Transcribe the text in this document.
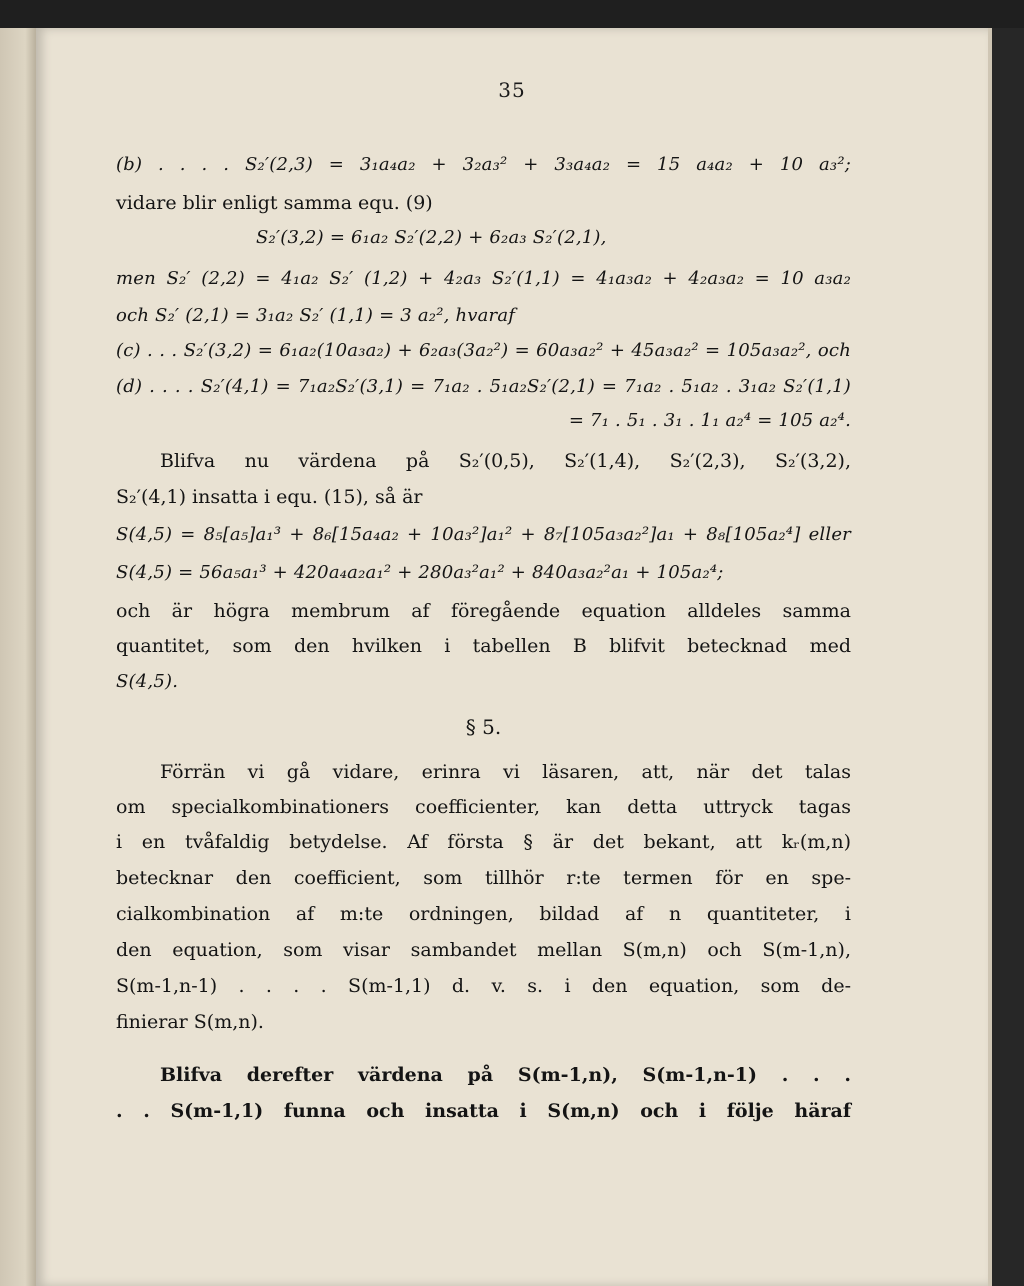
35
(b) . . . . S₂′(2,3) = 3₁a₄a₂ + 3₂a₃² + 3₃a₄a₂ = 15 a₄a₂ + 10 a₃²;
vidare blir enligt samma equ. (9)
S₂′(3,2) = 6₁a₂ S₂′(2,2) + 6₂a₃ S₂′(2,1),
men S₂′ (2,2) = 4₁a₂ S₂′ (1,2) + 4₂a₃ S₂′(1,1) = 4₁a₃a₂ + 4₂a₃a₂ = 10 a₃a₂
och S₂′ (2,1) = 3₁a₂ S₂′ (1,1) = 3 a₂², hvaraf
(c) . . . S₂′(3,2) = 6₁a₂(10a₃a₂) + 6₂a₃(3a₂²) = 60a₃a₂² + 45a₃a₂² = 105a₃a₂², och
(d) . . . . S₂′(4,1) = 7₁a₂S₂′(3,1) = 7₁a₂ . 5₁a₂S₂′(2,1) = 7₁a₂ . 5₁a₂ . 3₁a₂ S₂′(1,1)
= 7₁ . 5₁ . 3₁ . 1₁ a₂⁴ = 105 a₂⁴.
Blifva nu värdena på S₂′(0,5), S₂′(1,4), S₂′(2,3), S₂′(3,2),
S₂′(4,1) insatta i equ. (15), så är
S(4,5) = 8₅[a₅]a₁³ + 8₆[15a₄a₂ + 10a₃²]a₁² + 8₇[105a₃a₂²]a₁ + 8₈[105a₂⁴] eller
S(4,5) = 56a₅a₁³ + 420a₄a₂a₁² + 280a₃²a₁² + 840a₃a₂²a₁ + 105a₂⁴;
och är högra membrum af föregående equation alldeles samma
quantitet, som den hvilken i tabellen B blifvit betecknad med
S(4,5).
§ 5.
Förrän vi gå vidare, erinra vi läsaren, att, när det talas
om specialkombinationers coefficienter, kan detta uttryck tagas
i en tvåfaldig betydelse. Af första § är det bekant, att kᵣ(m,n)
betecknar den coefficient, som tillhör r:te termen för en spe-
cialkombination af m:te ordningen, bildad af n quantiteter, i
den equation, som visar sambandet mellan S(m,n) och S(m-1,n),
S(m-1,n-1) . . . . S(m-1,1) d. v. s. i den equation, som de-
finierar S(m,n).
Blifva derefter värdena på S(m-1,n), S(m-1,n-1) . . .
. . S(m-1,1) funna och insatta i S(m,n) och i följe häraf
